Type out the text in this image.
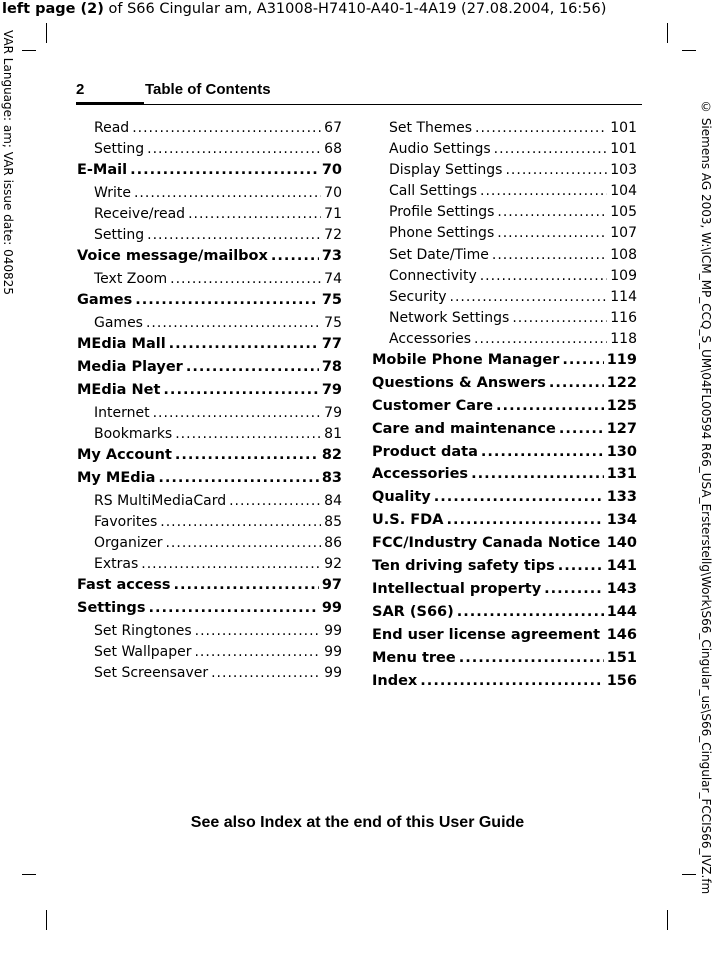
left page (2) of S66 Cingular am, A31008-H7410-A40-1-4A19 (27.08.2004, 16:56)
VAR Language: am; VAR issue date: 040825	© Siemens AG 2003, W:\ICM_MP_CCQ_S_UM\04FL00594 R66_USA_Ersterstellg\Work\S66_Cingular_us\S66_Cingular_FCCIS66_IVZ.fm
2	Table of Contents
Read .....	67
Setting .....	68
E-Mail .....	70
Write .....	70
Receive/read .....	71
Setting .....	72
Voice message/mailbox .....	73
Text Zoom .....	74
Games .....	75
Games .....	75
MEdia Mall .....	77
Media Player .....	78
MEdia Net .....	79
Internet .....	79
Bookmarks .....	81
My Account .....	82
My MEdia .....	83
RS MultiMediaCard .....	84
Favorites .....	85
Organizer .....	86
Extras .....	92
Fast access .....	97
Settings .....	99
Set Ringtones .....	99
Set Wallpaper .....	99
Set Screensaver .....	99
Set Themes .....	101
Audio Settings .....	101
Display Settings .....	103
Call Settings .....	104
Profile Settings .....	105
Phone Settings .....	107
Set Date/Time .....	108
Connectivity .....	109
Security .....	114
Network Settings .....	116
Accessories .....	118
Mobile Phone Manager .....	119
Questions & Answers .....	122
Customer Care .....	125
Care and maintenance .....	127
Product data .....	130
Accessories .....	131
Quality .....	133
U.S. FDA .....	134
FCC/Industry Canada Notice ..... 140
Ten driving safety tips .....	141
Intellectual property .....	143
SAR (S66) .....	144
End user license agreement ..... 146
Menu tree .....	151
Index .....	156
See also Index at the end of this User Guide
